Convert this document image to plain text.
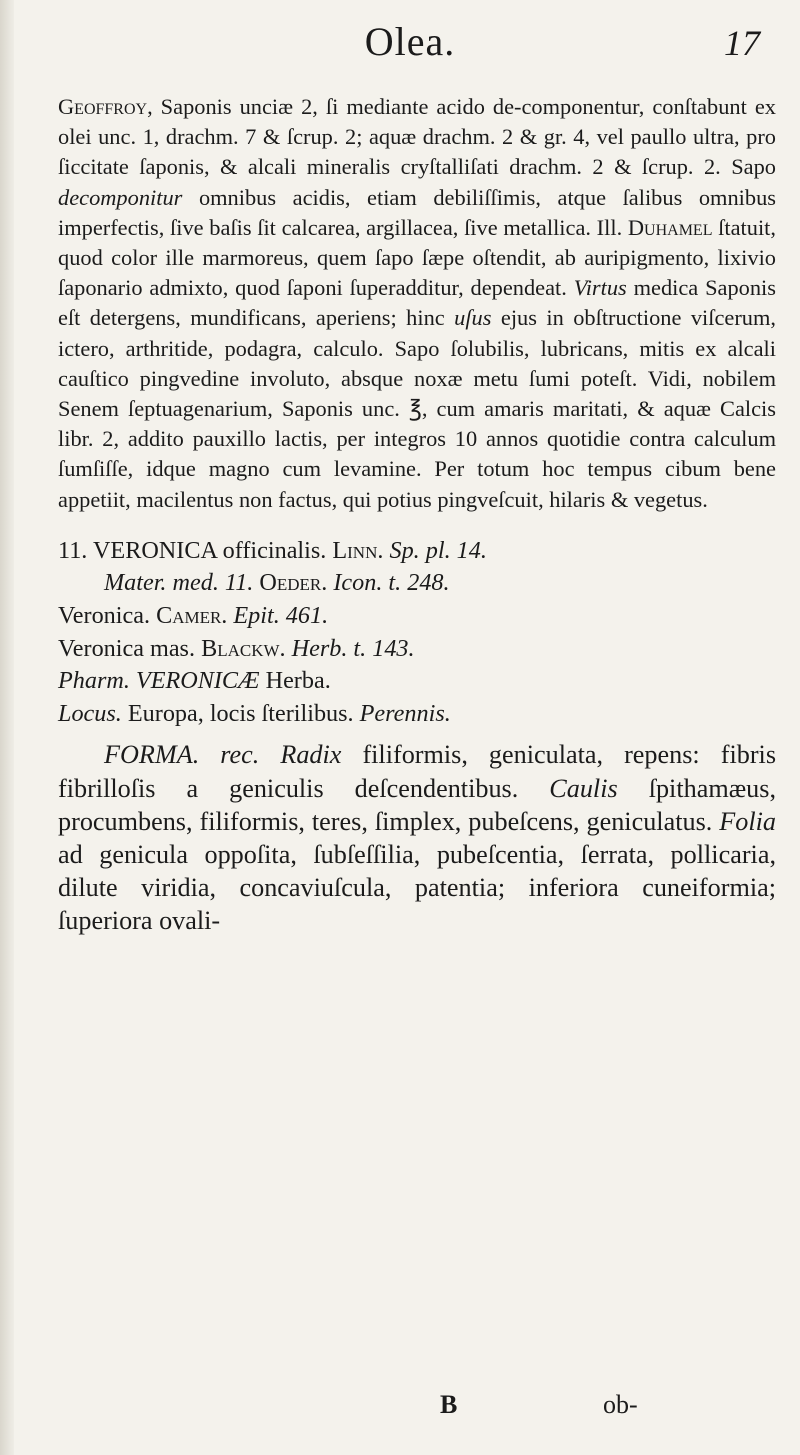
Olea.	17

Geoffroy, Saponis unciæ 2, ſi mediante acido de-componentur, conſtabunt ex olei unc. 1, drachm. 7 & ſcrup. 2; aquæ drachm. 2 & gr. 4, vel paullo ultra, pro ſiccitate ſaponis, & alcali mineralis cryſtalliſati drachm. 2 & ſcrup. 2. Sapo decomponitur omnibus acidis, etiam debiliſſimis, atque ſalibus omnibus imperfectis, ſive baſis ſit calcarea, argillacea, ſive metallica. Ill. Duhamel ſtatuit, quod color ille marmoreus, quem ſapo ſæpe oſtendit, ab auripigmento, lixivio ſaponario admixto, quod ſaponi ſuperadditur, dependeat. Virtus medica Saponis eſt detergens, mundificans, aperiens; hinc uſus ejus in obſtructione viſcerum, ictero, arthritide, podagra, calculo. Sapo ſolubilis, lubricans, mitis ex alcali cauſtico pingvedine involuto, absque noxæ metu ſumi poteſt. Vidi, nobilem Senem ſeptuagenarium, Saponis unc. ℥, cum amaris maritati, & aquæ Calcis libr. 2, addito pauxillo lactis, per integros 10 annos quotidie contra calculum ſumſiſſe, idque magno cum levamine. Per totum hoc tempus cibum bene appetiit, macilentus non factus, qui potius pingveſcuit, hilaris & vegetus.

11. VERONICA officinalis. Linn. Sp. pl. 14.
Mater. med. 11. Oeder. Icon. t. 248.
Veronica. Camer. Epit. 461.
Veronica mas. Blackw. Herb. t. 143.
Pharm. VERONICÆ Herba.
Locus. Europa, locis ſterilibus. Perennis.

FORMA. rec. Radix filiformis, geniculata, repens: fibris fibrilloſis a geniculis deſcendentibus. Caulis ſpithamæus, procumbens, filiformis, teres, ſimplex, pubeſcens, geniculatus. Folia ad genicula oppoſita, ſubſeſſilia, pubeſcentia, ſerrata, pollicaria, dilute viridia, concaviuſcula, patentia; inferiora cuneiformia; ſuperiora ovali-

B	ob-
